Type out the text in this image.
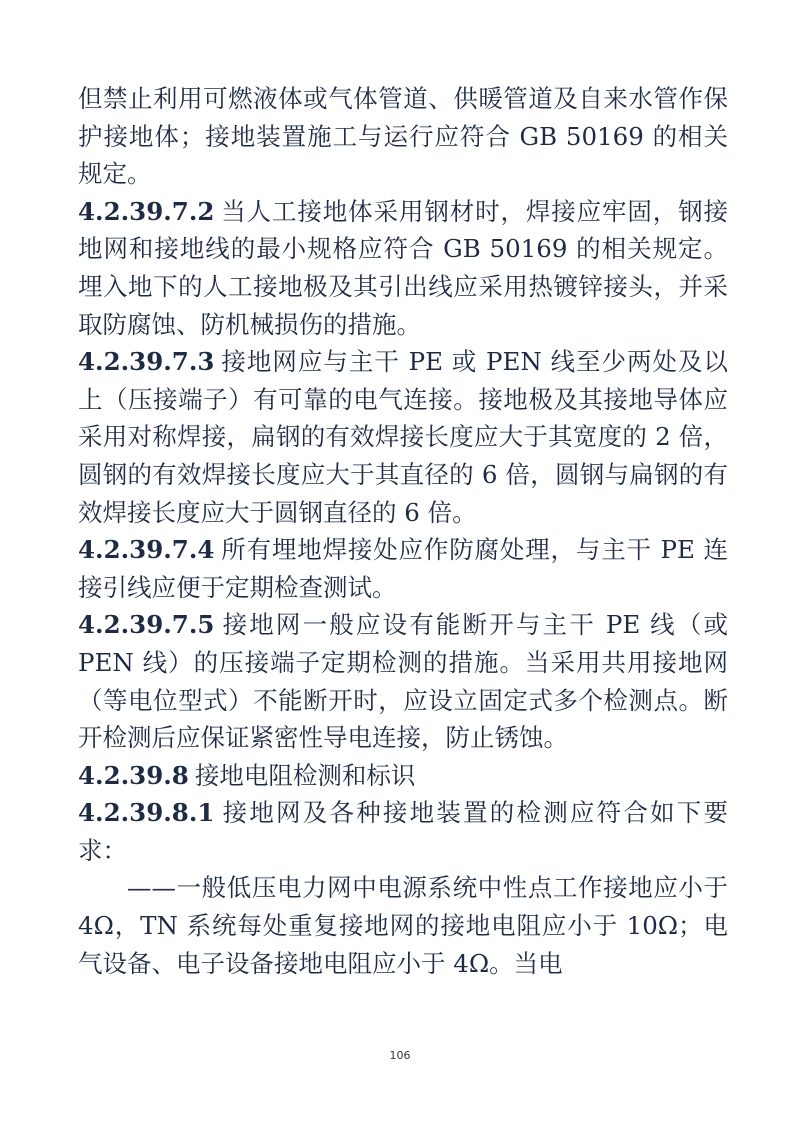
但禁止利用可燃液体或气体管道、供暖管道及自来水管作保护接地体；接地装置施工与运行应符合 GB 50169 的相关规定。

4.2.39.7.2 当人工接地体采用钢材时，焊接应牢固，钢接地网和接地线的最小规格应符合 GB 50169 的相关规定。埋入地下的人工接地极及其引出线应采用热镀锌接头，并采取防腐蚀、防机械损伤的措施。

4.2.39.7.3 接地网应与主干 PE 或 PEN 线至少两处及以上（压接端子）有可靠的电气连接。接地极及其接地导体应采用对称焊接，扁钢的有效焊接长度应大于其宽度的 2 倍，圆钢的有效焊接长度应大于其直径的 6 倍，圆钢与扁钢的有效焊接长度应大于圆钢直径的 6 倍。

4.2.39.7.4 所有埋地焊接处应作防腐处理，与主干 PE 连接引线应便于定期检查测试。

4.2.39.7.5 接地网一般应设有能断开与主干 PE 线（或 PEN 线）的压接端子定期检测的措施。当采用共用接地网（等电位型式）不能断开时，应设立固定式多个检测点。断开检测后应保证紧密性导电连接，防止锈蚀。

4.2.39.8 接地电阻检测和标识

4.2.39.8.1 接地网及各种接地装置的检测应符合如下要求：

——一般低压电力网中电源系统中性点工作接地应小于 4Ω，TN 系统每处重复接地网的接地电阻应小于 10Ω；电气设备、电子设备接地电阻应小于 4Ω。当电

106
